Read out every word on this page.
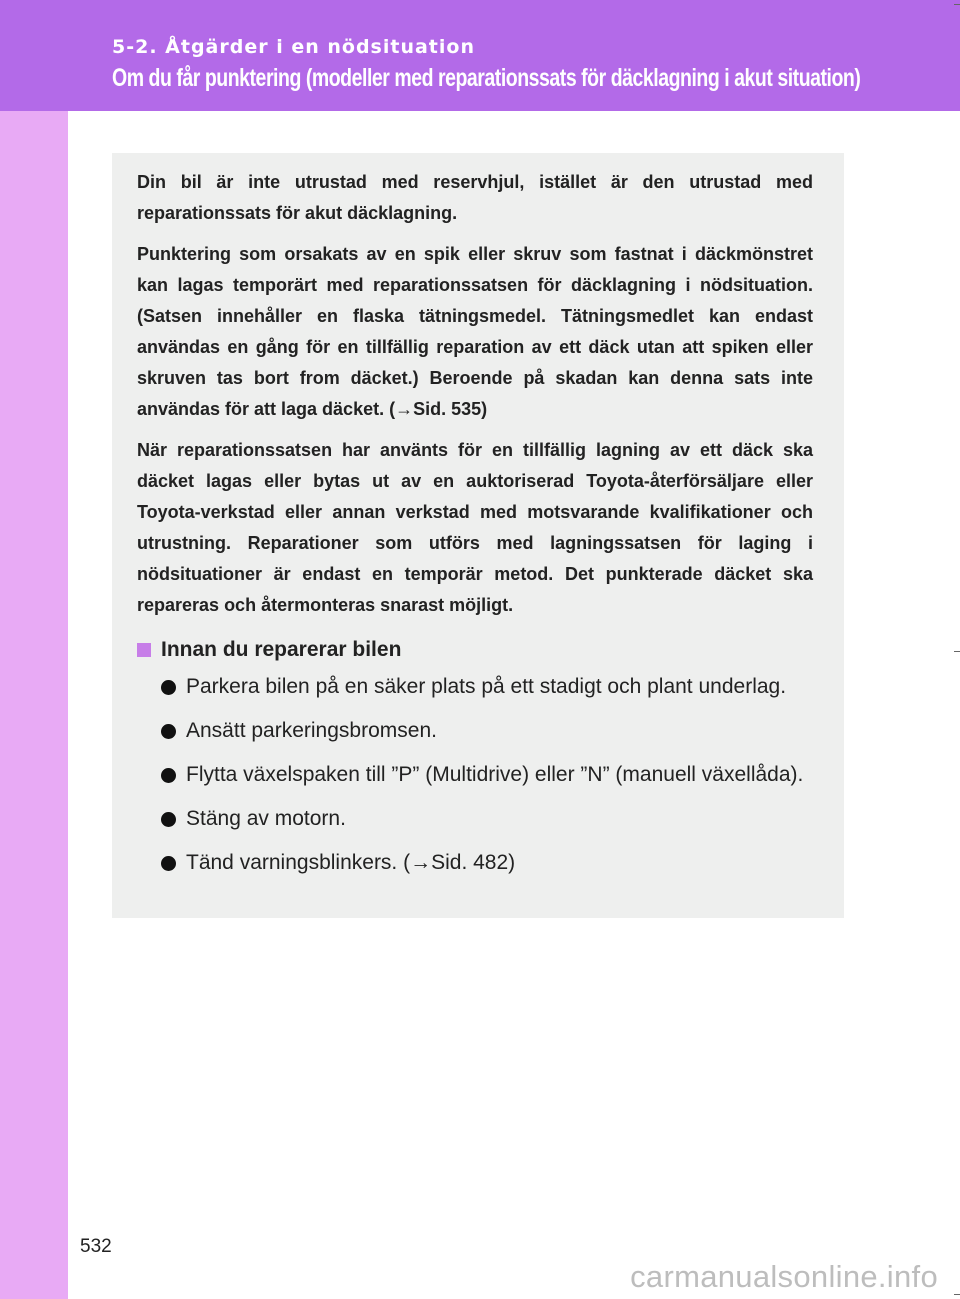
5-2. Åtgärder i en nödsituation
Om du får punktering (modeller med reparationssats för däcklagning i akut situation)

Din bil är inte utrustad med reservhjul, istället är den utrustad med reparationssats för akut däcklagning.

Punktering som orsakats av en spik eller skruv som fastnat i däckmönstret kan lagas temporärt med reparationssatsen för däcklagning i nödsituation. (Satsen innehåller en flaska tätningsmedel. Tätningsmedlet kan endast användas en gång för en tillfällig reparation av ett däck utan att spiken eller skruven tas bort from däcket.) Beroende på skadan kan denna sats inte användas för att laga däcket. (→Sid. 535)

När reparationssatsen har använts för en tillfällig lagning av ett däck ska däcket lagas eller bytas ut av en auktoriserad Toyota-återförsäljare eller Toyota-verkstad eller annan verkstad med motsvarande kvalifikationer och utrustning. Reparationer som utförs med lagningssatsen för laging i nödsituationer är endast en temporär metod. Det punkterade däcket ska repareras och återmonteras snarast möjligt.

Innan du reparerar bilen
Parkera bilen på en säker plats på ett stadigt och plant underlag.
Ansätt parkeringsbromsen.
Flytta växelspaken till ”P” (Multidrive) eller ”N” (manuell växellåda).
Stäng av motorn.
Tänd varningsblinkers. (→Sid. 482)
532
carmanualsonline.info
